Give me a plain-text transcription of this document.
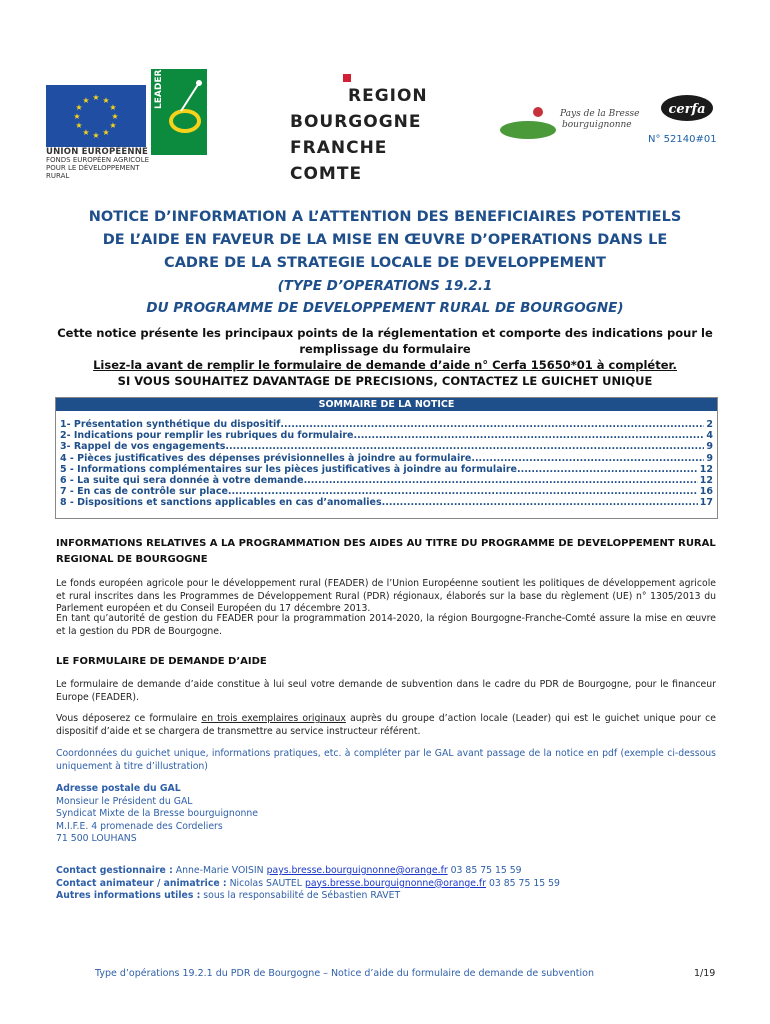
★ ★
★
★
★
★
★
★
★
★
★
★
UNION EUROPÉENNE
FONDS EUROPÉEN AGRICOLE
POUR LE DÉVELOPPEMENT RURAL
LEADER	REGION
BOURGOGNE
FRANCHE
COMTE
Pays de la Bresse
bourguignonne
cerfa
N° 52140#01
NOTICE D’INFORMATION A L’ATTENTION DES BENEFICIAIRES POTENTIELS
DE L’AIDE EN FAVEUR DE LA MISE EN ŒUVRE D’OPERATIONS DANS LE
CADRE DE LA STRATEGIE LOCALE DE DEVELOPPEMENT
(TYPE D’OPERATIONS 19.2.1
DU PROGRAMME DE DEVELOPPEMENT RURAL DE BOURGOGNE)
Cette notice présente les principaux points de la réglementation et comporte des indications pour le remplissage du formulaire
Lisez-la avant de remplir le formulaire de demande d’aide n° Cerfa 15650*01 à compléter.
SI VOUS SOUHAITEZ DAVANTAGE DE PRECISIONS, CONTACTEZ LE GUICHET UNIQUE
SOMMAIRE DE LA NOTICE
1- Présentation synthétique du dispositif .....	2
2- Indications pour remplir les rubriques du formulaire .....	4
3- Rappel de vos engagements .....	9
4 - Pièces justificatives des dépenses prévisionnelles à joindre au formulaire .....	9
5 - Informations complémentaires sur les pièces justificatives à joindre au formulaire .....	12
6 - La suite qui sera donnée à votre demande .....	12
7 - En cas de contrôle sur place .....	16
8 - Dispositions et sanctions applicables en cas d’anomalies .....	17
INFORMATIONS RELATIVES A LA PROGRAMMATION DES AIDES AU TITRE DU PROGRAMME DE DEVELOPPEMENT RURAL
REGIONAL DE BOURGOGNE
Le fonds européen agricole pour le développement rural (FEADER) de l’Union Européenne soutient les politiques de développement agricole et rural inscrites dans les Programmes de Développement Rural (PDR) régionaux, élaborés sur la base du règlement (UE) n° 1305/2013 du Parlement européen et du Conseil Européen du 17 décembre 2013.
En tant qu’autorité de gestion du FEADER pour la programmation 2014-2020, la région Bourgogne-Franche-Comté assure la mise en œuvre et la gestion du PDR de Bourgogne.
LE FORMULAIRE DE DEMANDE D’AIDE
Le formulaire de demande d’aide constitue à lui seul votre demande de subvention dans le cadre du PDR de Bourgogne, pour le financeur Europe (FEADER).
Vous déposerez ce formulaire en trois exemplaires originaux auprès du groupe d’action locale (Leader) qui est le guichet unique pour ce dispositif d’aide et se chargera de transmettre au service instructeur référent.
Coordonnées du guichet unique, informations pratiques, etc. à compléter par le GAL avant passage de la notice en pdf (exemple ci-dessous uniquement à titre d’illustration)
Adresse postale du GAL
Monsieur le Président du GAL
Syndicat Mixte de la Bresse bourguignonne
M.I.F.E. 4 promenade des Cordeliers
71 500 LOUHANS
Contact gestionnaire : Anne-Marie VOISIN pays.bresse.bourguignonne@orange.fr 03 85 75 15 59
Contact animateur / animatrice : Nicolas SAUTEL pays.bresse.bourguignonne@orange.fr 03 85 75 15 59
Autres informations utiles : sous la responsabilité de Sébastien RAVET
Type d’opérations 19.2.1 du PDR de Bourgogne – Notice d’aide du formulaire de demande de subvention	1/19
